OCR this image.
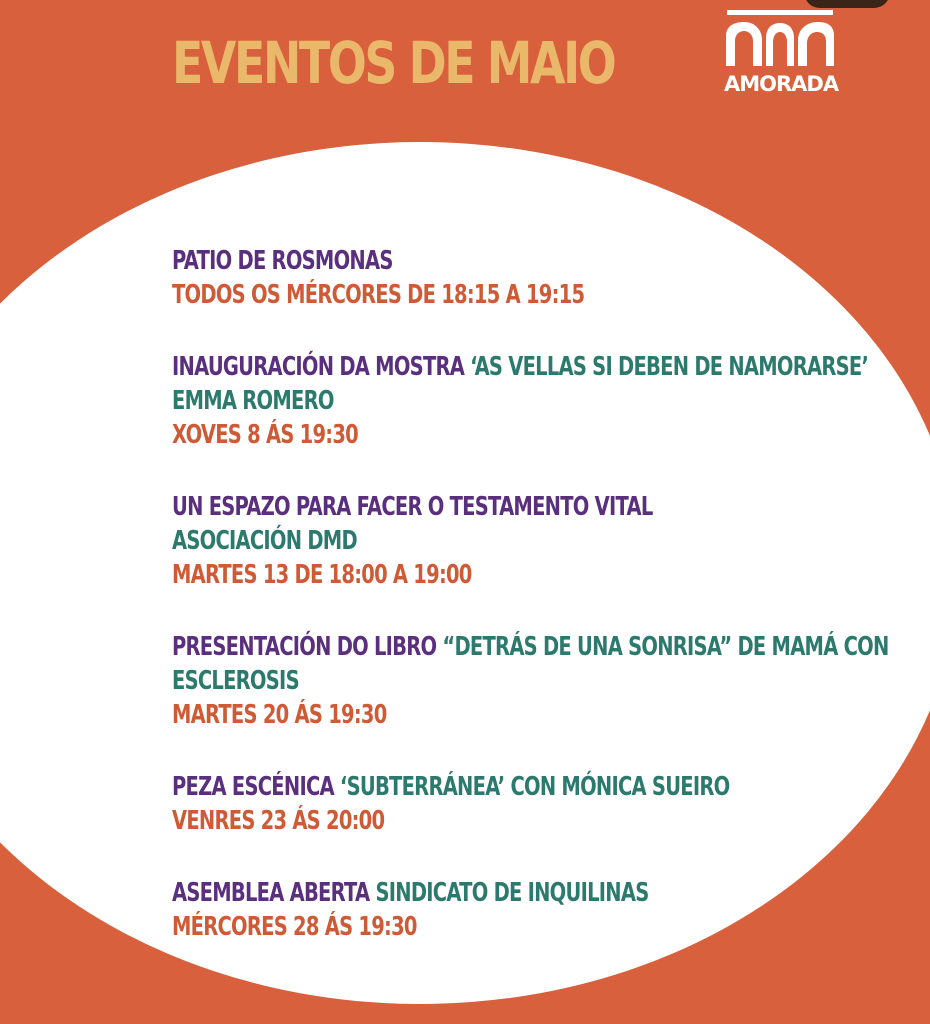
EVENTOS DE MAIO	AMORADA
PATIO DE ROSMONAS
TODOS OS MÉRCORES DE 18:15 A 19:15
INAUGURACIÓN DA MOSTRA ‘AS VELLAS SI DEBEN DE NAMORARSE’
EMMA ROMERO
XOVES 8 ÁS 19:30
UN ESPAZO PARA FACER O TESTAMENTO VITAL
ASOCIACIÓN DMD
MARTES 13 DE 18:00 A 19:00
PRESENTACIÓN DO LIBRO “DETRÁS DE UNA SONRISA” DE MAMÁ CON
ESCLEROSIS
MARTES 20 ÁS 19:30
PEZA ESCÉNICA ‘SUBTERRÁNEA’ CON MÓNICA SUEIRO
VENRES 23 ÁS 20:00
ASEMBLEA ABERTA SINDICATO DE INQUILINAS
MÉRCORES 28 ÁS 19:30
